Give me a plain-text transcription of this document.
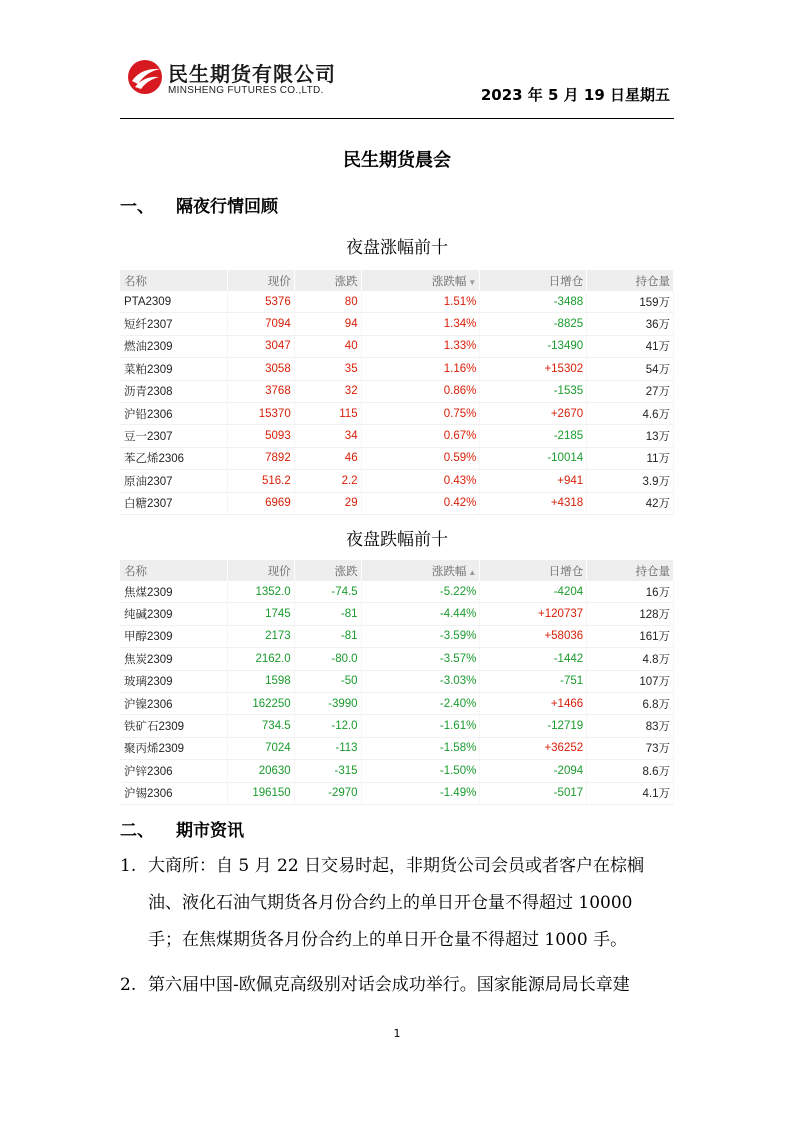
民生期货有限公司
MINSHENG FUTURES CO.,LTD.	2023 年 5 月 19 日星期五
民生期货晨会
一、 隔夜行情回顾
夜盘涨幅前十
名称	现价	涨跌	涨跌幅 ▼	日增仓	持仓量
PTA2309	5376	80	1.51%	-3488	159万
短纤2307	7094	94	1.34%	-8825	36万
燃油2309	3047	40	1.33%	-13490	41万
菜粕2309	3058	35	1.16%	+15302	54万
沥青2308	3768	32	0.86%	-1535	27万
沪铅2306	15370	115	0.75%	+2670	4.6万
豆一2307	5093	34	0.67%	-2185	13万
苯乙烯2306	7892	46	0.59%	-10014	11万
原油2307	516.2	2.2	0.43%	+941	3.9万
白糖2307	6969	29	0.42%	+4318	42万
夜盘跌幅前十
名称	现价	涨跌	涨跌幅 ▲	日增仓	持仓量
焦煤2309	1352.0	-74.5	-5.22%	-4204	16万
纯碱2309	1745	-81	-4.44%	+120737	128万
甲醇2309	2173	-81	-3.59%	+58036	161万
焦炭2309	2162.0	-80.0	-3.57%	-1442	4.8万
玻璃2309	1598	-50	-3.03%	-751	107万
沪镍2306	162250	-3990	-2.40%	+1466	6.8万
铁矿石2309	734.5	-12.0	-1.61%	-12719	83万
聚丙烯2309	7024	-113	-1.58%	+36252	73万
沪锌2306	20630	-315	-1.50%	-2094	8.6万
沪锡2306	196150	-2970	-1.49%	-5017	4.1万
二、 期市资讯
1. 大商所：自 5 月 22 日交易时起，非期货公司会员或者客户在棕榈
油、液化石油气期货各月份合约上的单日开仓量不得超过 10000
手；在焦煤期货各月份合约上的单日开仓量不得超过 1000 手。
2. 第六届中国-欧佩克高级别对话会成功举行。国家能源局局长章建
1
